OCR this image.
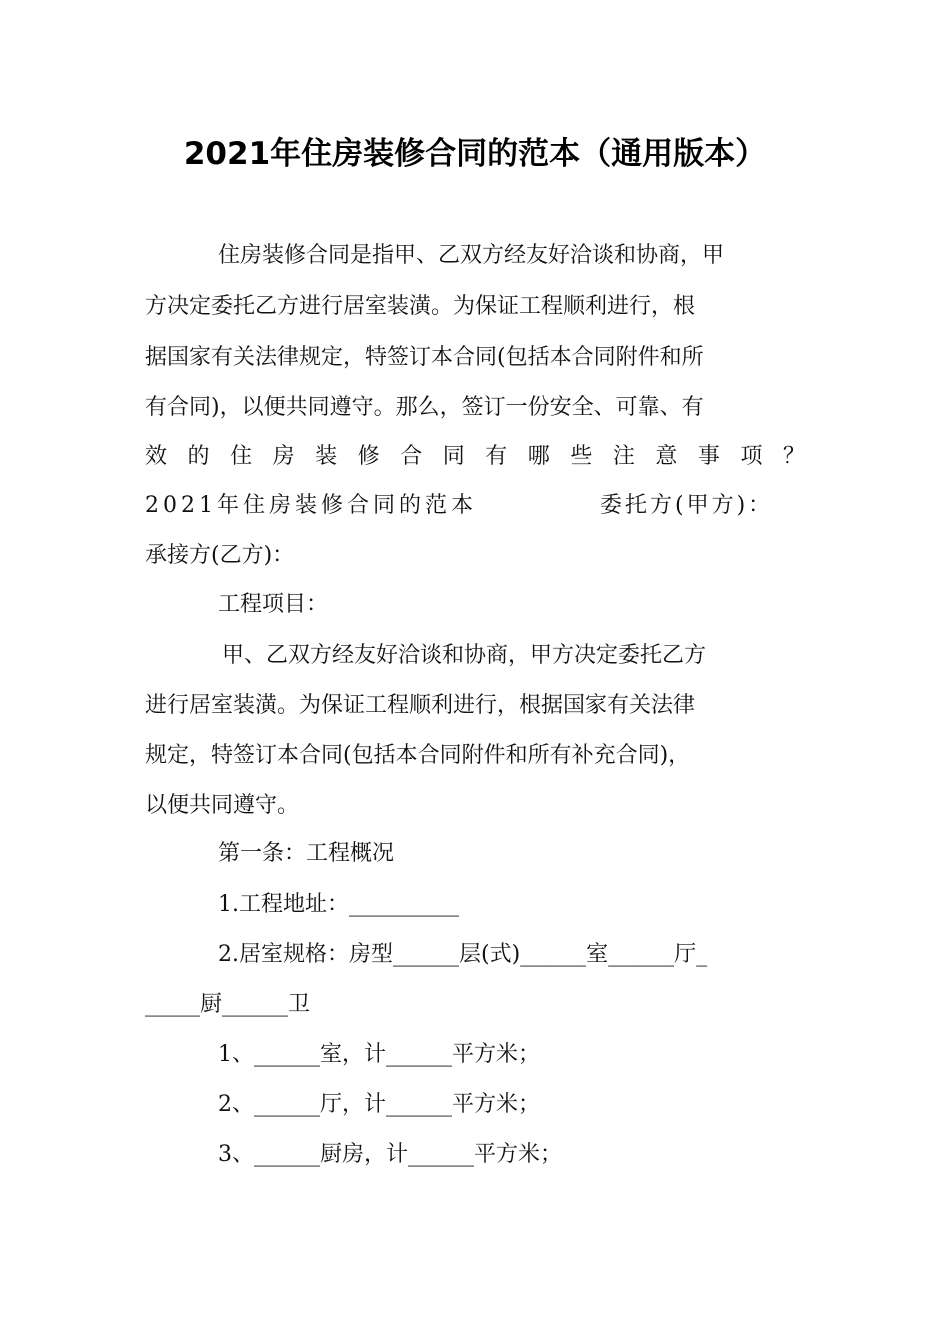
2021年住房装修合同的范本（通用版本）
住房装修合同是指甲、乙双方经友好洽谈和协商，甲
方决定委托乙方进行居室装潢。为保证工程顺利进行，根
据国家有关法律规定，特签订本合同(包括本合同附件和所
有合同)，以便共同遵守。那么，签订一份安全、可靠、有
效 的 住 房 装 修 合 同 有 哪 些 注 意 事 项 ？
2021年住房装修合同的范本	委托方(甲方)：
承接方(乙方)：
工程项目：
甲、乙双方经友好洽谈和协商，甲方决定委托乙方
进行居室装潢。为保证工程顺利进行，根据国家有关法律
规定，特签订本合同(包括本合同附件和所有补充合同)，
以便共同遵守。
第一条：工程概况
1.工程地址：__________
2.居室规格：房型______层(式)______室______厅_
_____厨______卫
1、______室，计______平方米；
2、______厅，计______平方米；
3、______厨房，计______平方米；
